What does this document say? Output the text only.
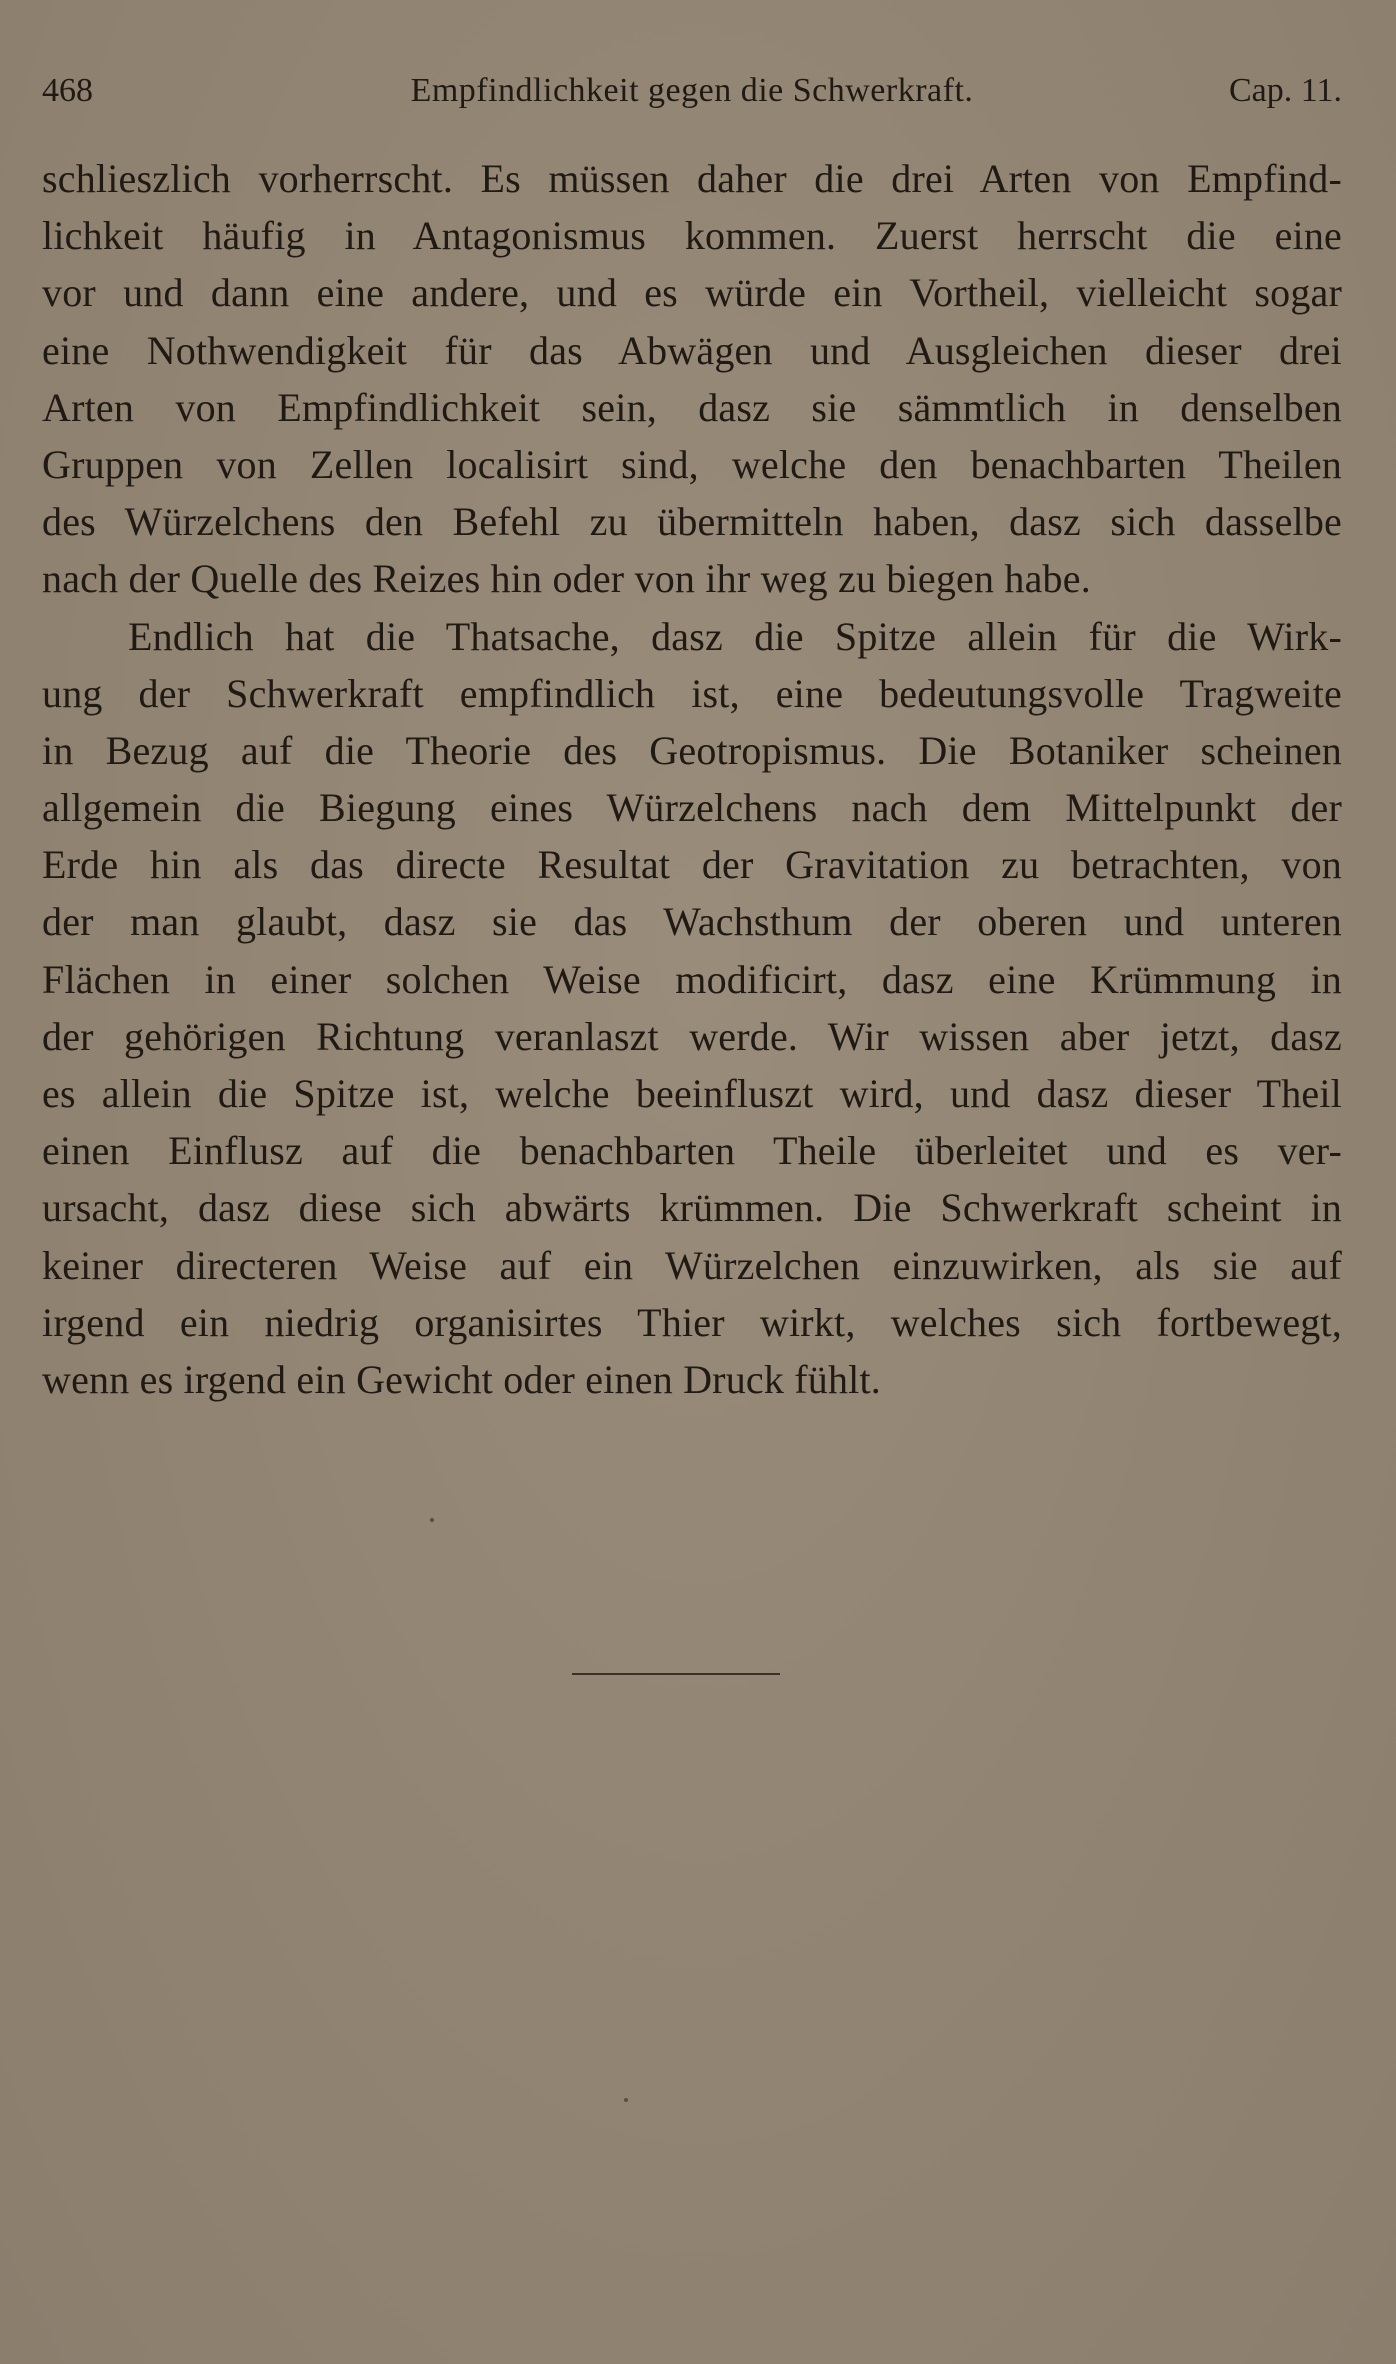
468	Empfindlichkeit gegen die Schwerkraft.	Cap. 11.
schlieszlich vorherrscht. Es müssen daher die drei Arten von Empfind-
lichkeit häufig in Antagonismus kommen. Zuerst herrscht die eine
vor und dann eine andere, und es würde ein Vortheil, vielleicht sogar
eine Nothwendigkeit für das Abwägen und Ausgleichen dieser drei
Arten von Empfindlichkeit sein, dasz sie sämmtlich in denselben
Gruppen von Zellen localisirt sind, welche den benachbarten Theilen
des Würzelchens den Befehl zu übermitteln haben, dasz sich dasselbe
nach der Quelle des Reizes hin oder von ihr weg zu biegen habe.
Endlich hat die Thatsache, dasz die Spitze allein für die Wirk-
ung der Schwerkraft empfindlich ist, eine bedeutungsvolle Tragweite
in Bezug auf die Theorie des Geotropismus. Die Botaniker scheinen
allgemein die Biegung eines Würzelchens nach dem Mittelpunkt der
Erde hin als das directe Resultat der Gravitation zu betrachten, von
der man glaubt, dasz sie das Wachsthum der oberen und unteren
Flächen in einer solchen Weise modificirt, dasz eine Krümmung in
der gehörigen Richtung veranlaszt werde. Wir wissen aber jetzt, dasz
es allein die Spitze ist, welche beeinfluszt wird, und dasz dieser Theil
einen Einflusz auf die benachbarten Theile überleitet und es ver-
ursacht, dasz diese sich abwärts krümmen. Die Schwerkraft scheint in
keiner directeren Weise auf ein Würzelchen einzuwirken, als sie auf
irgend ein niedrig organisirtes Thier wirkt, welches sich fortbewegt,
wenn es irgend ein Gewicht oder einen Druck fühlt.
